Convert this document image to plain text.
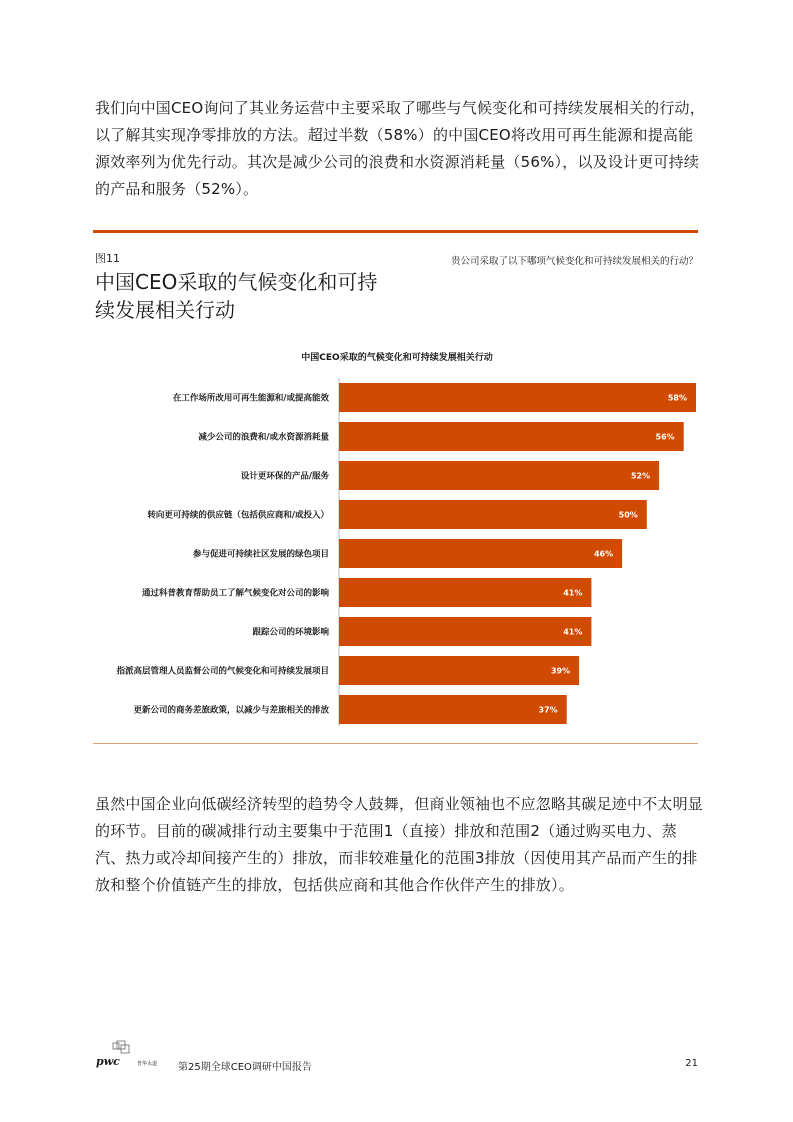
我们向中国CEO询问了其业务运营中主要采取了哪些与气候变化和可持续发展相关的行动，以了解其实现净零排放的方法。超过半数（58%）的中国CEO将改用可再生能源和提高能源效率列为优先行动。其次是减少公司的浪费和水资源消耗量（56%），以及设计更可持续的产品和服务（52%）。

图11
中国CEO采取的气候变化和可持续发展相关行动
贵公司采取了以下哪项气候变化和可持续发展相关的行动？
中国CEO采取的气候变化和可持续发展相关行动
在工作场所改用可再生能源和/或提高能效	58%
减少公司的浪费和/或水资源消耗量	56%
设计更环保的产品/服务	52%
转向更可持续的供应链（包括供应商和/或投入）	50%
参与促进可持续社区发展的绿色项目	46%
通过科普教育帮助员工了解气候变化对公司的影响	41%
跟踪公司的环境影响	41%
指派高层管理人员监督公司的气候变化和可持续发展项目	39%
更新公司的商务差旅政策，以减少与差旅相关的排放	37%

虽然中国企业向低碳经济转型的趋势令人鼓舞，但商业领袖也不应忽略其碳足迹中不太明显的环节。目前的碳减排行动主要集中于范围1（直接）排放和范围2（通过购买电力、蒸汽、热力或冷却间接产生的）排放，而非较难量化的范围3排放（因使用其产品而产生的排放和整个价值链产生的排放，包括供应商和其他合作伙伴产生的排放）。

pwc	普华永道 第25期全球CEO调研中国报告	21
